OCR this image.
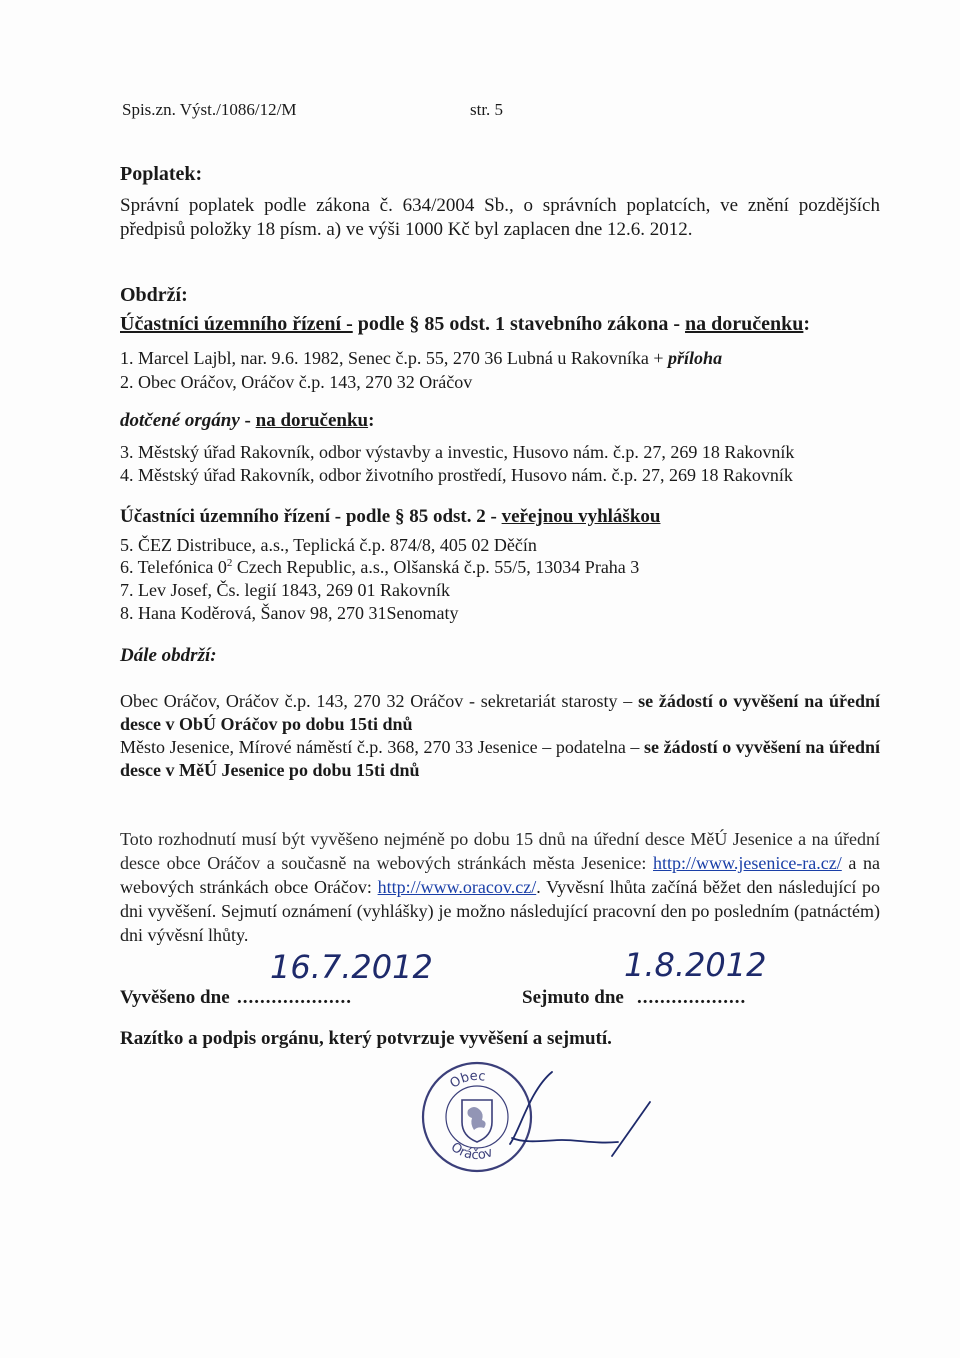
Spis.zn. Výst./1086/12/M	str. 5
Poplatek:
Správní poplatek podle zákona č. 634/2004 Sb., o správních poplatcích, ve znění pozdějších
předpisů položky 18 písm. a) ve výši 1000 Kč byl zaplacen dne 12.6. 2012.
Obdrží:
Účastníci územního řízení - podle § 85 odst. 1 stavebního zákona - na doručenku:
1. Marcel Lajbl, nar. 9.6. 1982, Senec č.p. 55, 270 36 Lubná u Rakovníka + příloha
2. Obec Oráčov, Oráčov č.p. 143, 270 32 Oráčov
dotčené orgány - na doručenku:
3. Městský úřad Rakovník, odbor výstavby a investic, Husovo nám. č.p. 27, 269 18 Rakovník
4. Městský úřad Rakovník, odbor životního prostředí, Husovo nám. č.p. 27, 269 18 Rakovník
Účastníci územního řízení - podle § 85 odst. 2 - veřejnou vyhláškou
5. ČEZ Distribuce, a.s., Teplická č.p. 874/8, 405 02 Děčín
6. Telefónica $0^2$ Czech Republic, a.s., Olšanská č.p. 55/5, 13034 Praha 3
7. Lev Josef, Čs. legií 1843, 269 01 Rakovník
8. Hana Koděrová, Šanov 98, 270 31Senomaty
Dále obdrží:
Obec Oráčov, Oráčov č.p. 143, 270 32 Oráčov - sekretariát starosty – se žádostí o vyvěšení na úřední desce v ObÚ Oráčov po dobu 15ti dnů
Město Jesenice, Mírové náměstí č.p. 368, 270 33 Jesenice – podatelna – se žádostí o vyvěšení na úřední desce v MěÚ Jesenice po dobu 15ti dnů
Toto rozhodnutí musí být vyvěšeno nejméně po dobu 15 dnů na úřední desce MěÚ Jesenice a na úřední desce obce Oráčov a současně na webových stránkách města Jesenice: http://www.jesenice-ra.cz/ a na webových stránkách obce Oráčov: http://www.oracov.cz/. Vyvěsní lhůta začíná běžet den následující po dni vyvěšení. Sejmutí oznámení (vyhlášky) je možno následující pracovní den po posledním (patnáctém) dni vývěsní lhůty.
Vyvěšeno dne ....................
16.7.2012
Sejmuto dne ...................
1.8.2012
Razítko a podpis orgánu, který potvrzuje vyvěšení a sejmutí.
Obec
Oráčov
